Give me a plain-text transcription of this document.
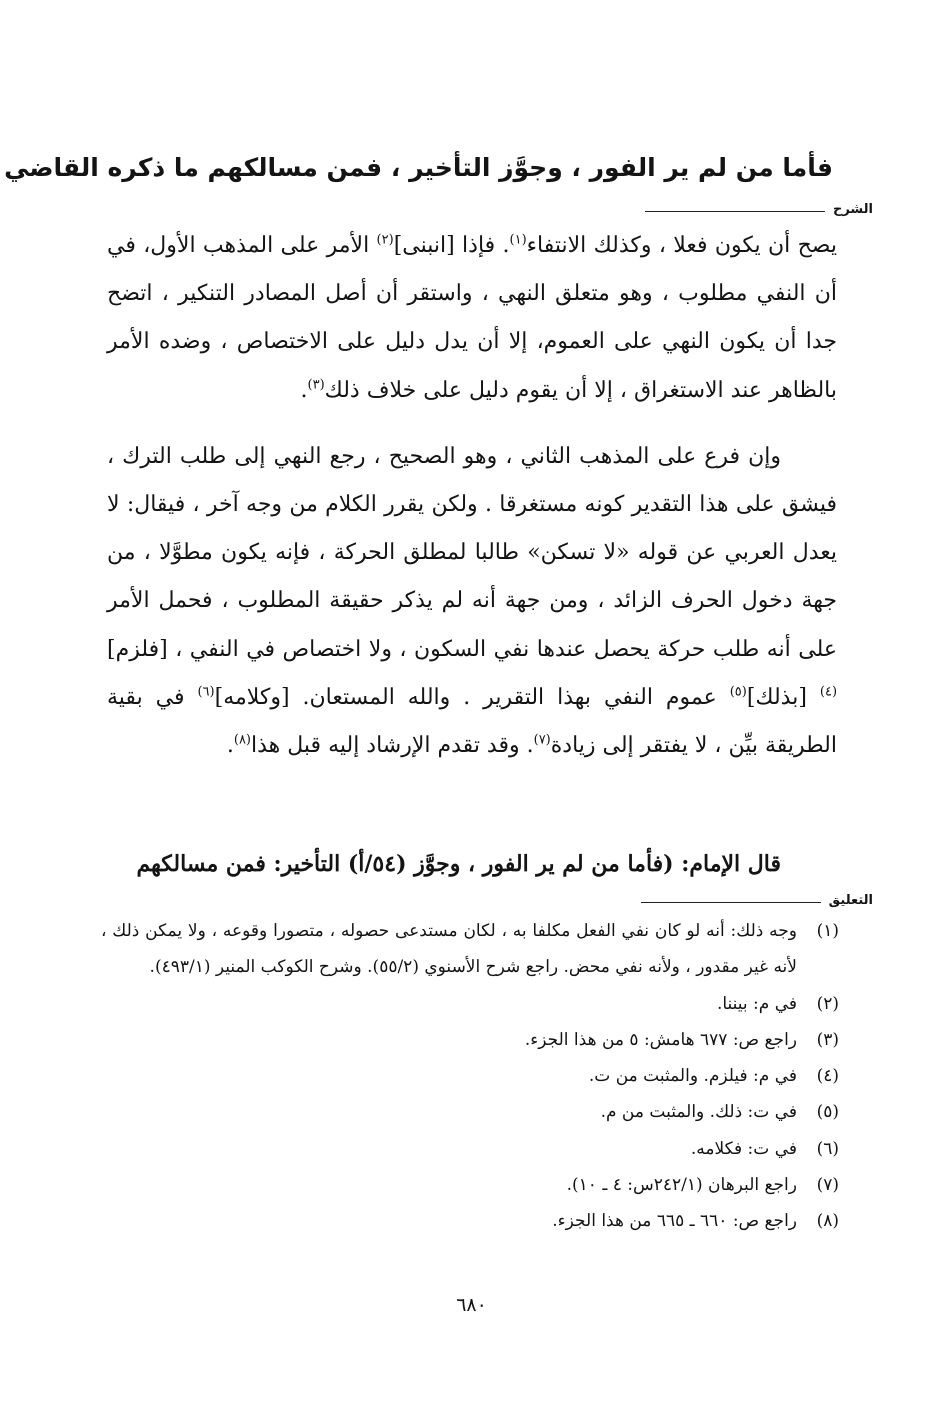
فأما من لم ير الفور ، وجوَّز التأخير ، فمن مسالكهم ما ذكره القاضي
الشرح

يصح أن يكون فعلا ، وكذلك الانتفاء$^{(١)}$. فإذا [انبنى]$^{(٢)}$ الأمر على المذهب الأول، في أن النفي مطلوب ، وهو متعلق النهي ، واستقر أن أصل المصادر التنكير ، اتضح جدا أن يكون النهي على العموم، إلا أن يدل دليل على الاختصاص ، وضده الأمر بالظاهر عند الاستغراق ، إلا أن يقوم دليل على خلاف ذلك$^{(٣)}$.

وإن فرع على المذهب الثاني ، وهو الصحيح ، رجع النهي إلى طلب الترك ، فيشق على هذا التقدير كونه مستغرقا . ولكن يقرر الكلام من وجه آخر ، فيقال: لا يعدل العربي عن قوله «لا تسكن» طالبا لمطلق الحركة ، فإنه يكون مطوَّلا ، من جهة دخول الحرف الزائد ، ومن جهة أنه لم يذكر حقيقة المطلوب ، فحمل الأمر على أنه طلب حركة يحصل عندها نفي السكون ، ولا اختصاص في النفي ، [فلزم]$^{(٤)}$ [بذلك]$^{(٥)}$ عموم النفي بهذا التقرير . والله المستعان. [وكلامه]$^{(٦)}$ في بقية الطريقة بيِّن ، لا يفتقر إلى زيادة$^{(٧)}$. وقد تقدم الإرشاد إليه قبل هذا$^{(٨)}$.

قال الإمام: (فأما من لم ير الفور ، وجوَّز (٥٤/أ) التأخير: فمن مسالكهم
التعليق
(١)
وجه ذلك: أنه لو كان نفي الفعل مكلفا به ، لكان مستدعى حصوله ، متصورا وقوعه ، ولا يمكن ذلك ، لأنه غير مقدور ، ولأنه نفي محض. راجع شرح الأسنوي (٥٥/٢). وشرح الكوكب المنير (٤٩٣/١).
(٢)
في م: بيننا.
(٣)
راجع ص: ٦٧٧ هامش: ٥ من هذا الجزء.
(٤)
في م: فيلزم. والمثبت من ت.
(٥)
في ت: ذلك. والمثبت من م.
(٦)
في ت: فكلامه.
(٧)
راجع البرهان (٢٤٢/١س: ٤ ـ ١٠).
(٨)
راجع ص: ٦٦٠ ـ ٦٦٥ من هذا الجزء.
٦٨٠
